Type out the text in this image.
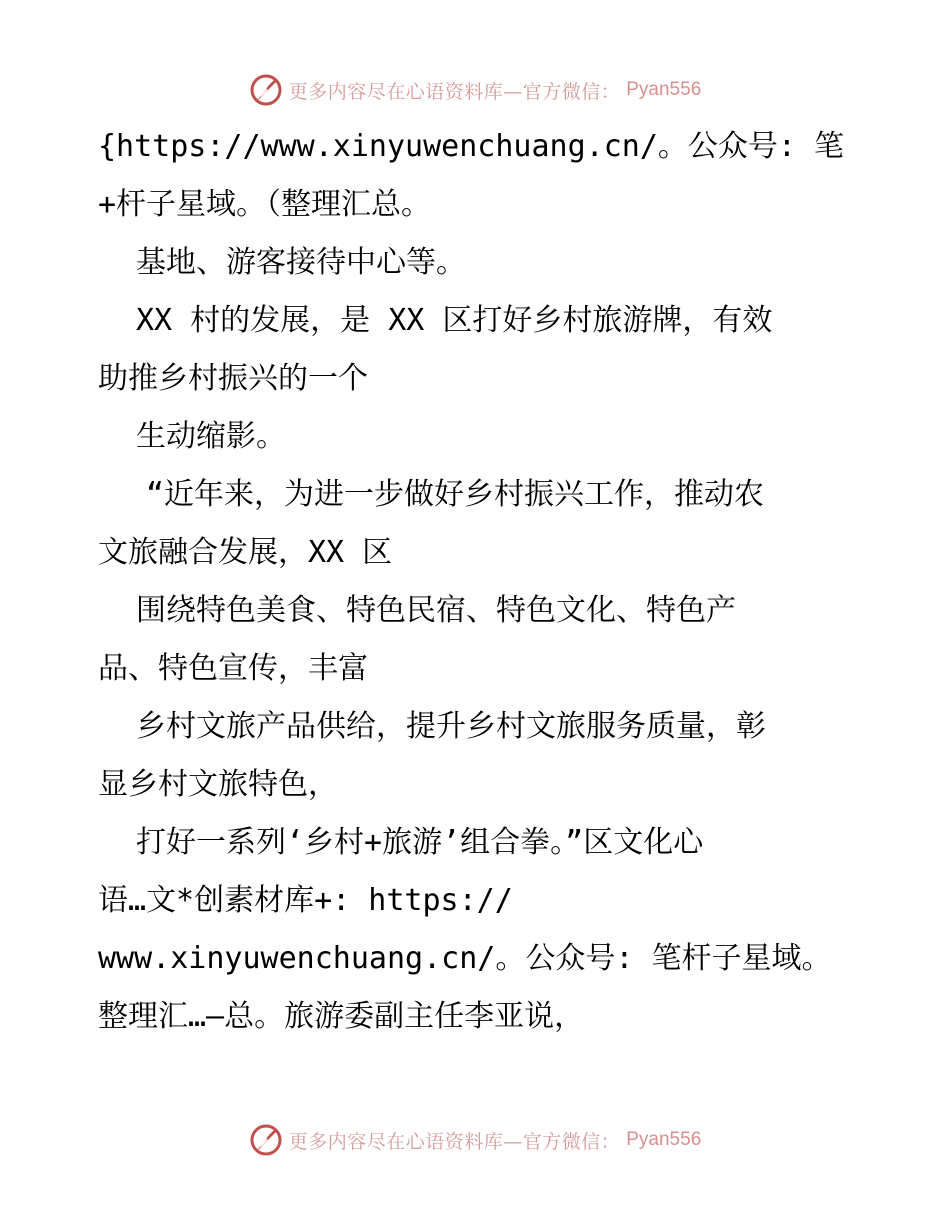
更多内容尽在心语资料库—官方微信： Pyan556
{https://www.xinyuwenchuang.cn/。公众号: 笔
+杆子星域。（整理汇总。
基地、游客接待中心等。
XX 村的发展，是 XX 区打好乡村旅游牌，有效
助推乡村振兴的一个
生动缩影。
“近年来，为进一步做好乡村振兴工作，推动农
文旅融合发展，XX 区
围绕特色美食、特色民宿、特色文化、特色产
品、特色宣传，丰富
乡村文旅产品供给，提升乡村文旅服务质量，彰
显乡村文旅特色，
打好一系列‘乡村+旅游’组合拳。”区文化心
语…文*创素材库+: https://
www.xinyuwenchuang.cn/。公众号: 笔杆子星域。
整理汇…—总。旅游委副主任李亚说，
更多内容尽在心语资料库—官方微信： Pyan556
